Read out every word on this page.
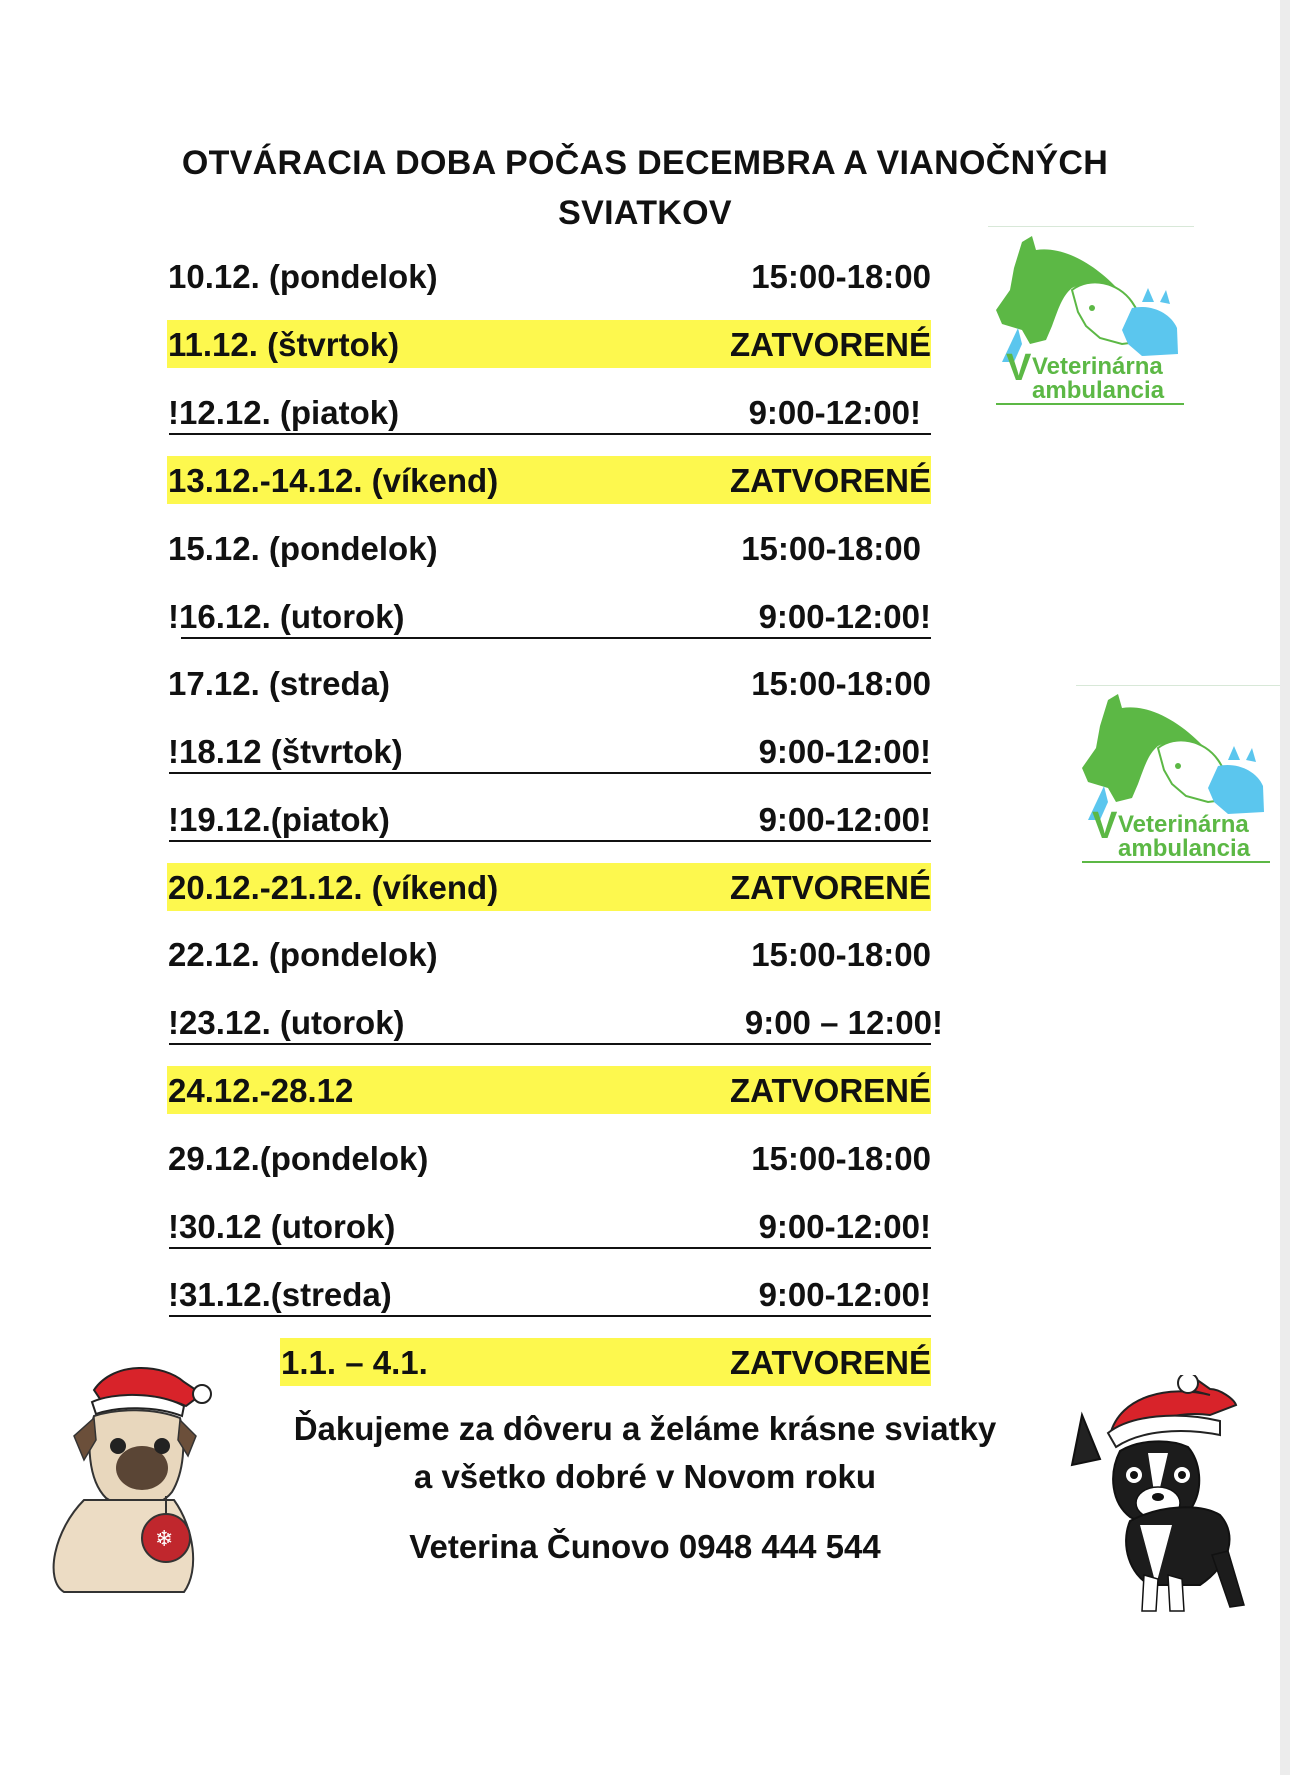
OTVÁRACIA DOBA POČAS DECEMBRA A VIANOČNÝCH
SVIATKOV
10.12. (pondelok)	15:00-18:00
11.12. (štvrtok)	ZATVORENÉ
!12.12. (piatok)	9:00-12:00!
13.12.-14.12. (víkend)	ZATVORENÉ
15.12. (pondelok)	15:00-18:00
!16.12. (utorok)	9:00-12:00!
17.12. (streda)	15:00-18:00
!18.12 (štvrtok)	9:00-12:00!
!19.12.(piatok)	9:00-12:00!
20.12.-21.12. (víkend)	ZATVORENÉ
22.12. (pondelok)	15:00-18:00
!23.12. (utorok)	9:00 – 12:00!
24.12.-28.12	ZATVORENÉ
29.12.(pondelok)	15:00-18:00
!30.12 (utorok)	9:00-12:00!
!31.12.(streda)	9:00-12:00!
1.1. – 4.1.	ZATVORENÉ
V Veterinárna
ambulancia
V Veterinárna
ambulancia
Ďakujeme za dôveru a želáme krásne sviatky
a všetko dobré v Novom roku
Veterina Čunovo 0948 444 544
❄
